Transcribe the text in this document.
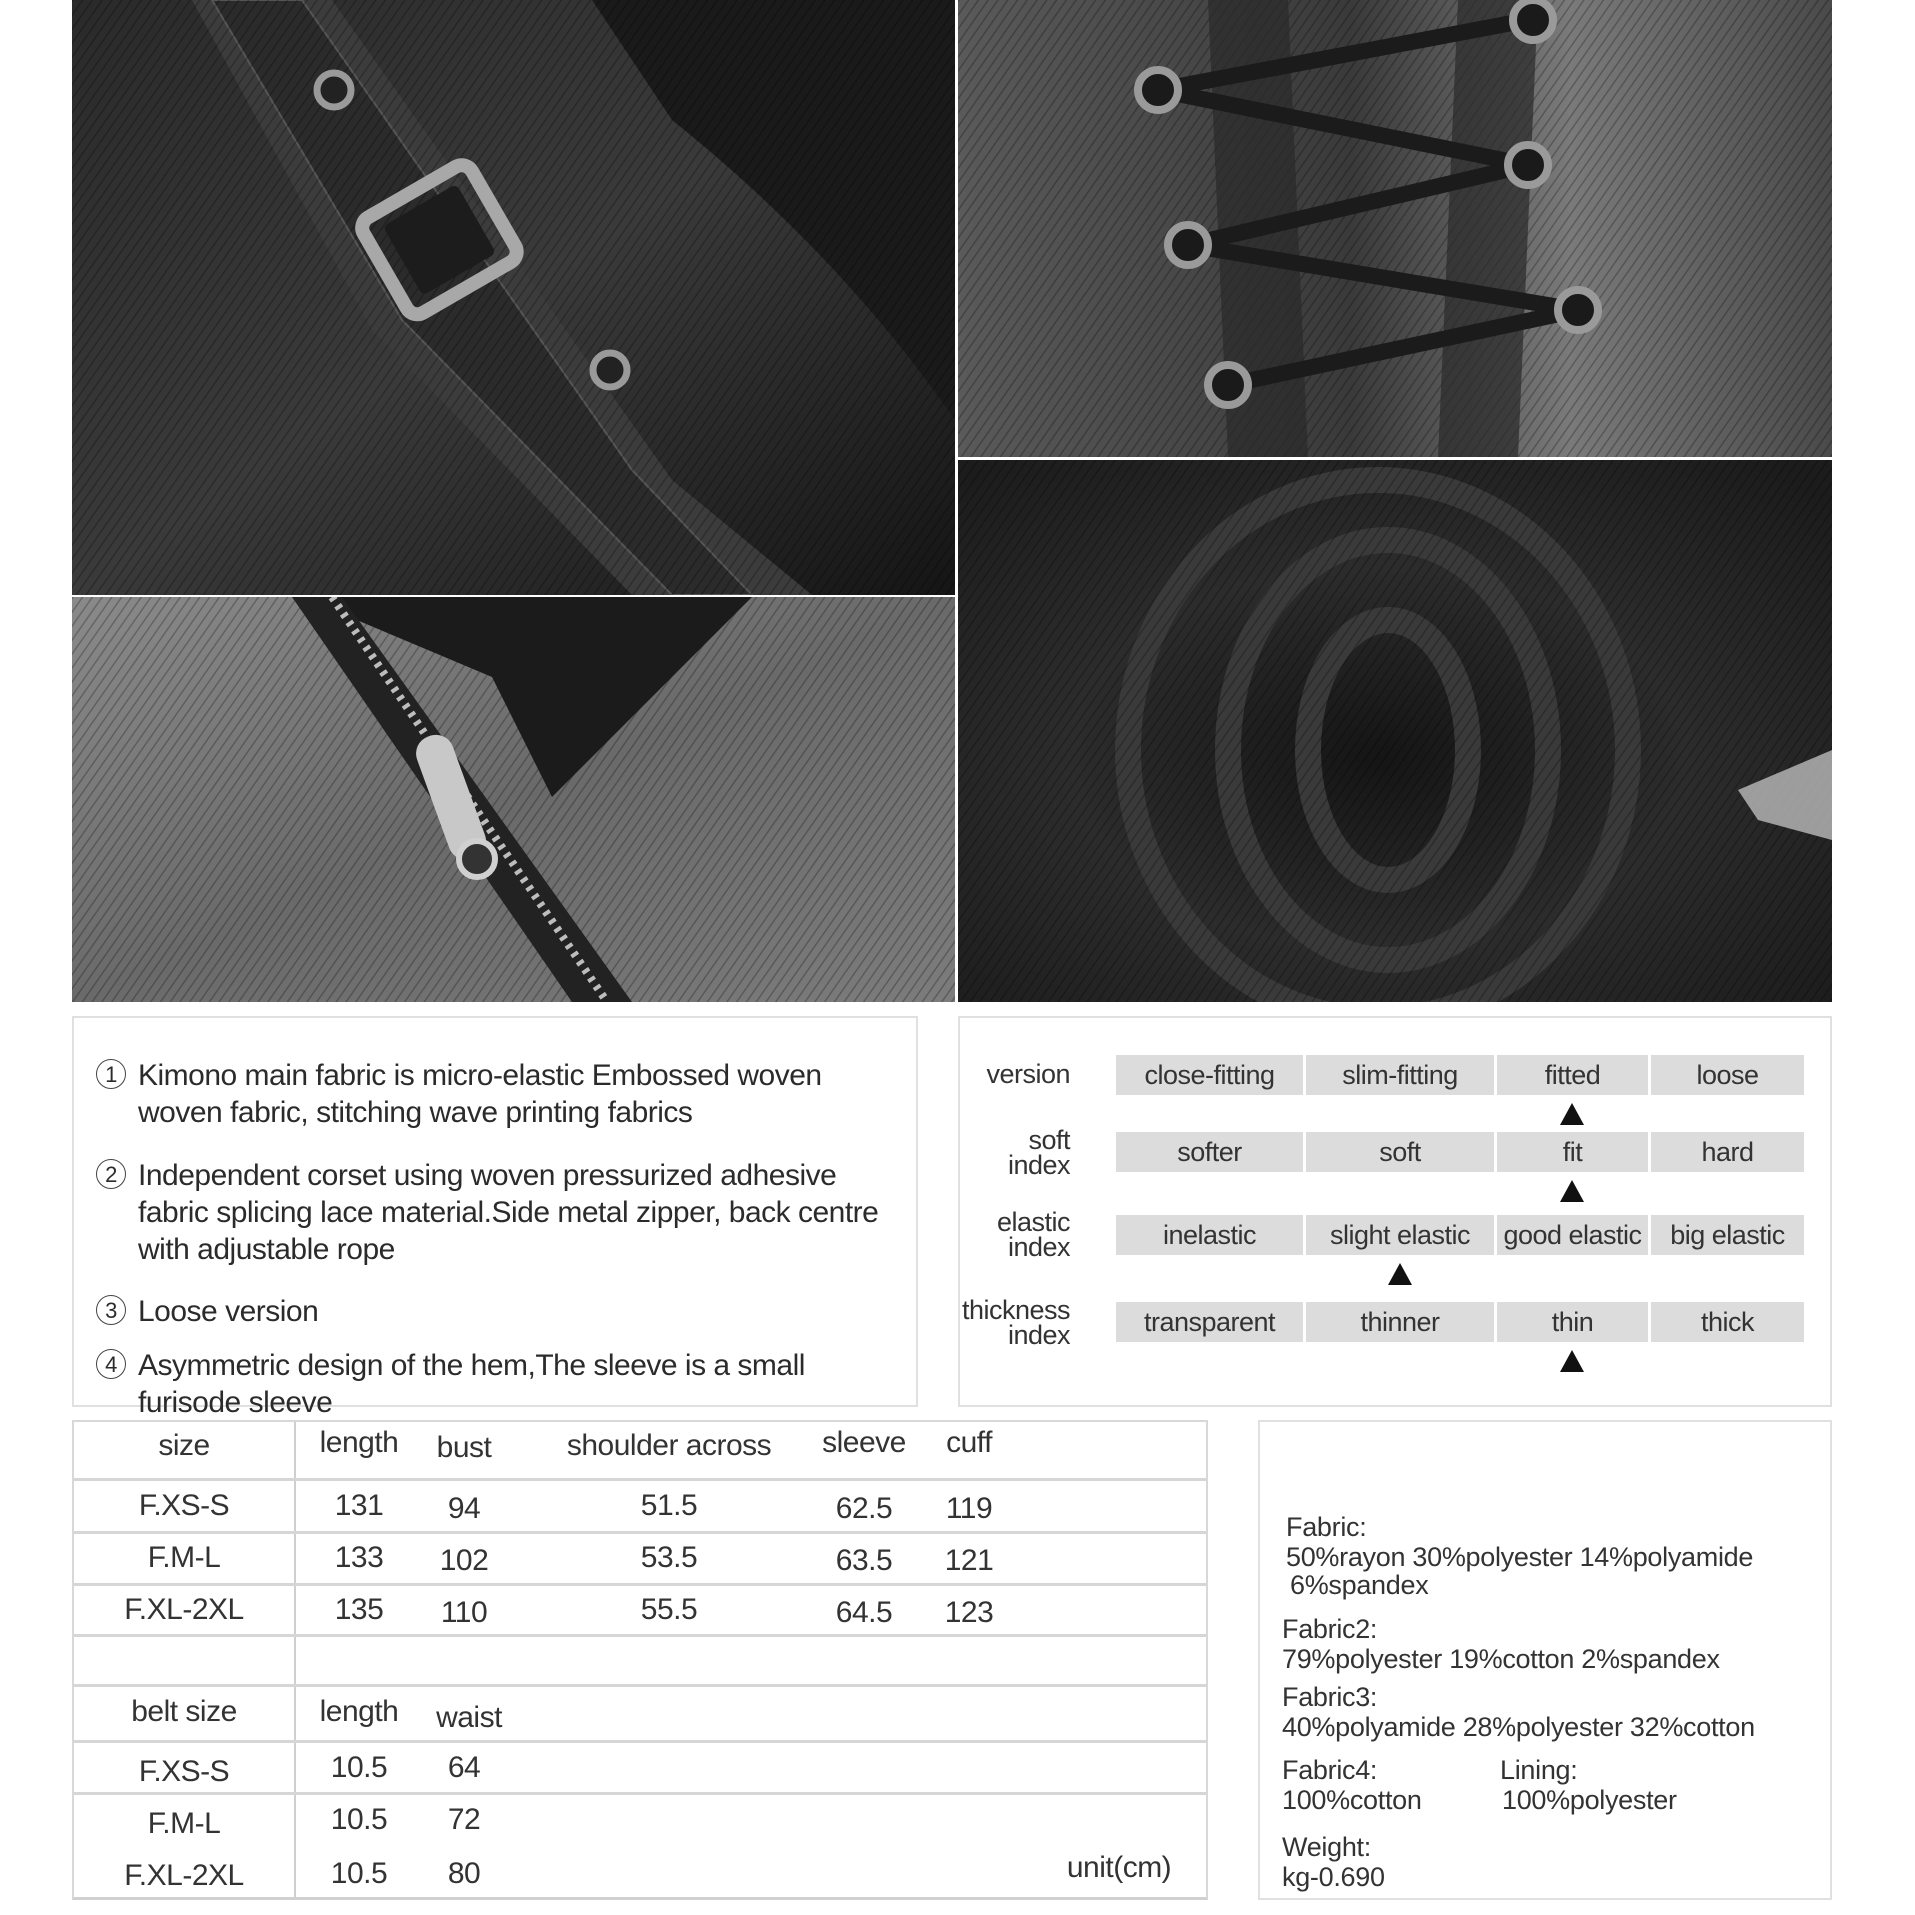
1 Kimono main fabric is micro-elastic Embossed woven woven fabric, stitching wave printing fabrics
2 Independent corset using woven pressurized adhesive fabric splicing lace material.Side metal zipper, back centre with adjustable rope
3 Loose version
4 Asymmetric design of the hem,The sleeve is a small furisode sleeve
version	close-fitting	slim-fitting	fitted	loose
soft
index	softer	soft	fit	hard
elastic
index	inelastic	slight elastic	good elastic	big elastic
thickness
index	transparent	thinner	thin	thick
size	length	bust	shoulder across	sleeve	cuff
F.XS-S	131	94	51.5	62.5	119
F.M-L	133	102	53.5	63.5	121
F.XL-2XL	135	110	55.5	64.5	123
belt size	length	waist
F.XS-S	10.5	64
F.M-L	10.5	72
F.XL-2XL	10.5	80	unit(cm)
Fabric:
50%rayon 30%polyester 14%polyamide
6%spandex
Fabric2:
79%polyester 19%cotton 2%spandex
Fabric3:
40%polyamide 28%polyester 32%cotton
Fabric4:
100%cotton
Lining:
100%polyester
Weight:
kg-0.690
